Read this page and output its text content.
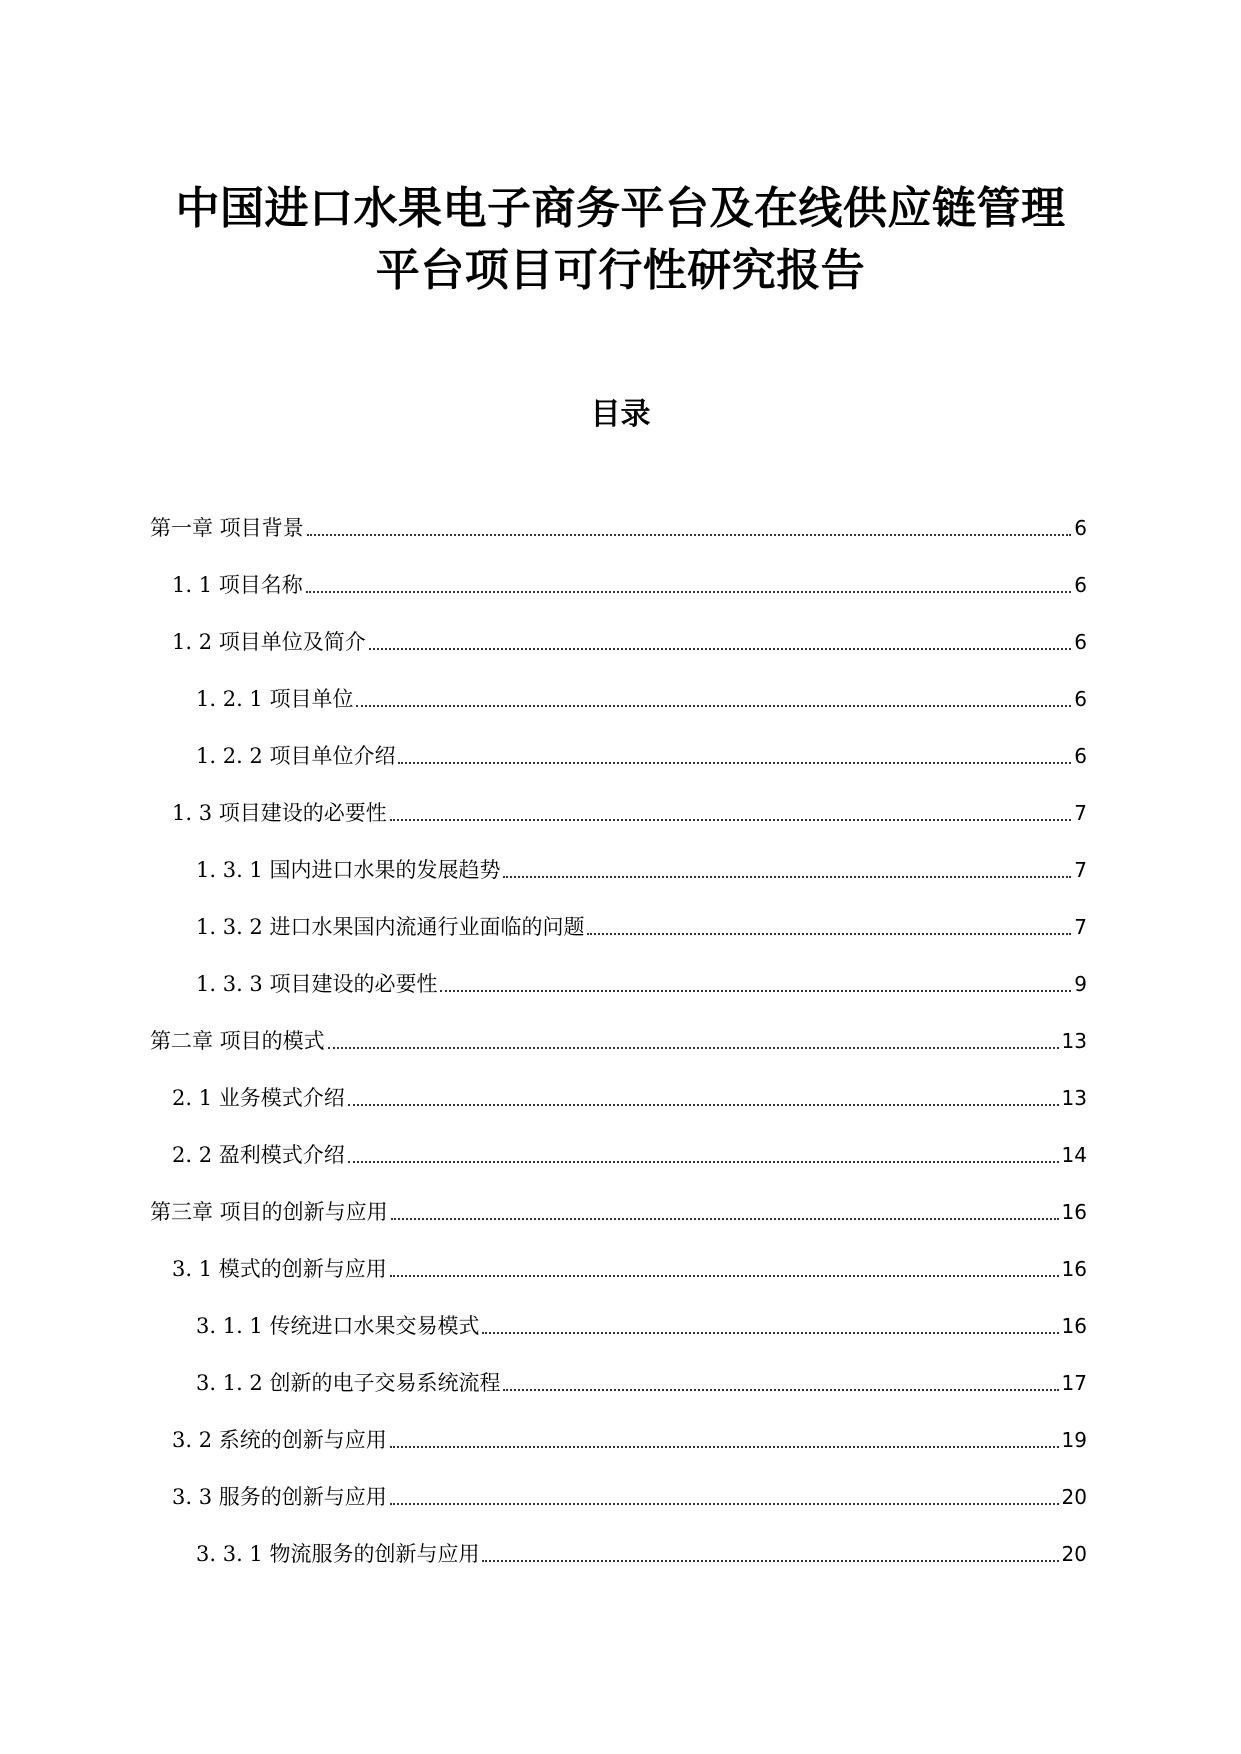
中国进口水果电子商务平台及在线供应链管理
平台项目可行性研究报告
目录
第一章 项目背景	6
1. 1 项目名称	6
1. 2 项目单位及简介	6
1. 2. 1 项目单位	6
1. 2. 2 项目单位介绍	6
1. 3 项目建设的必要性	7
1. 3. 1 国内进口水果的发展趋势	7
1. 3. 2 进口水果国内流通行业面临的问题	7
1. 3. 3 项目建设的必要性	9
第二章 项目的模式	13
2. 1 业务模式介绍	13
2. 2 盈利模式介绍	14
第三章 项目的创新与应用	16
3. 1 模式的创新与应用	16
3. 1. 1 传统进口水果交易模式	16
3. 1. 2 创新的电子交易系统流程	17
3. 2 系统的创新与应用	19
3. 3 服务的创新与应用	20
3. 3. 1 物流服务的创新与应用	20
